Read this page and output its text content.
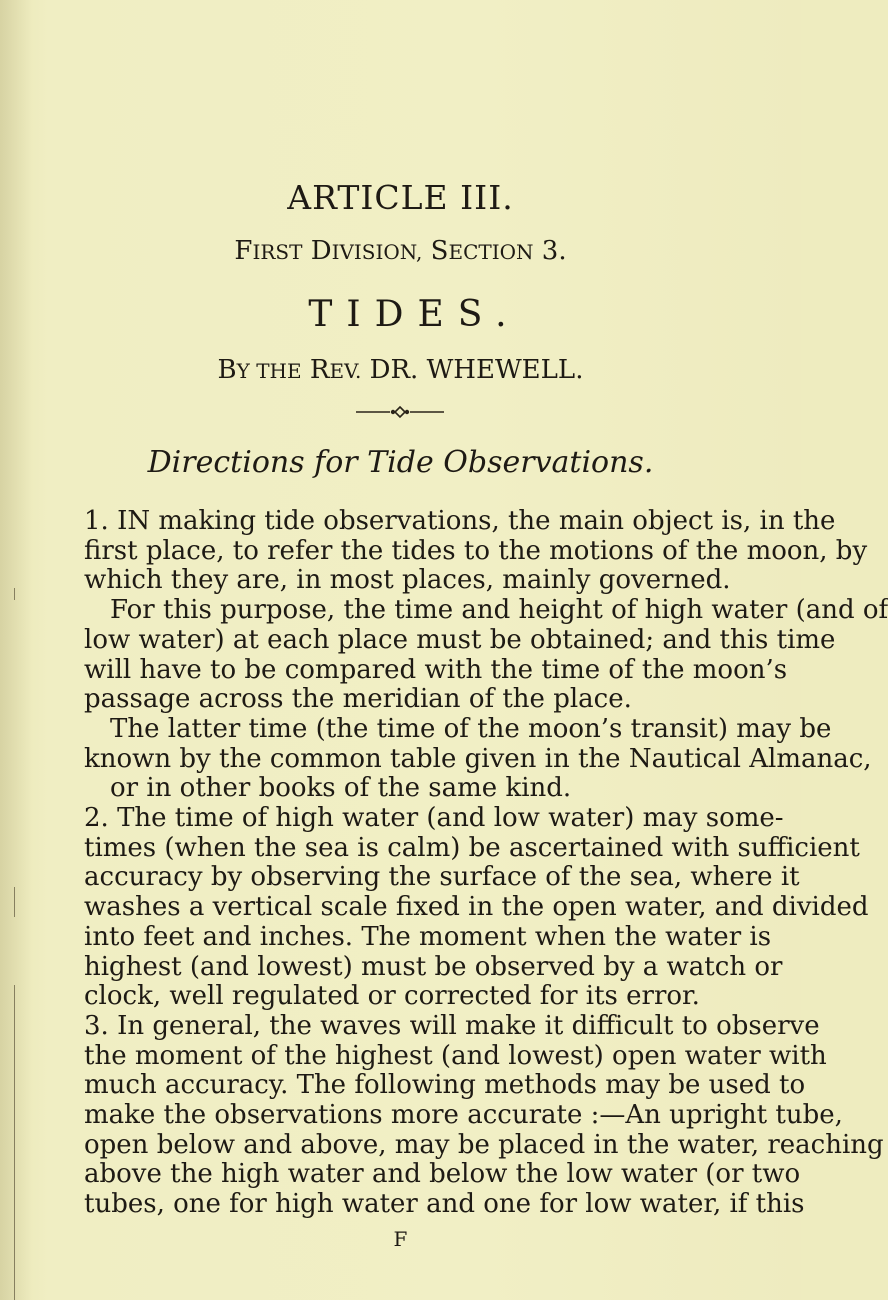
ARTICLE III.
FIRST DIVISION, SECTION 3.
TIDES.
BY THE REV. DR. WHEWELL.
Directions for Tide Observations.
1. IN making tide observations, the main object is, in the
first place, to refer the tides to the motions of the moon, by
which they are, in most places, mainly governed.
For this purpose, the time and height of high water (and of
low water) at each place must be obtained; and this time
will have to be compared with the time of the moon’s
passage across the meridian of the place.
The latter time (the time of the moon’s transit) may be
known by the common table given in the Nautical Almanac,
or in other books of the same kind.
2. The time of high water (and low water) may some-
times (when the sea is calm) be ascertained with sufficient
accuracy by observing the surface of the sea, where it
washes a vertical scale fixed in the open water, and divided
into feet and inches. The moment when the water is
highest (and lowest) must be observed by a watch or
clock, well regulated or corrected for its error.
3. In general, the waves will make it difficult to observe
the moment of the highest (and lowest) open water with
much accuracy. The following methods may be used to
make the observations more accurate :—An upright tube,
open below and above, may be placed in the water, reaching
above the high water and below the low water (or two
tubes, one for high water and one for low water, if this
F
